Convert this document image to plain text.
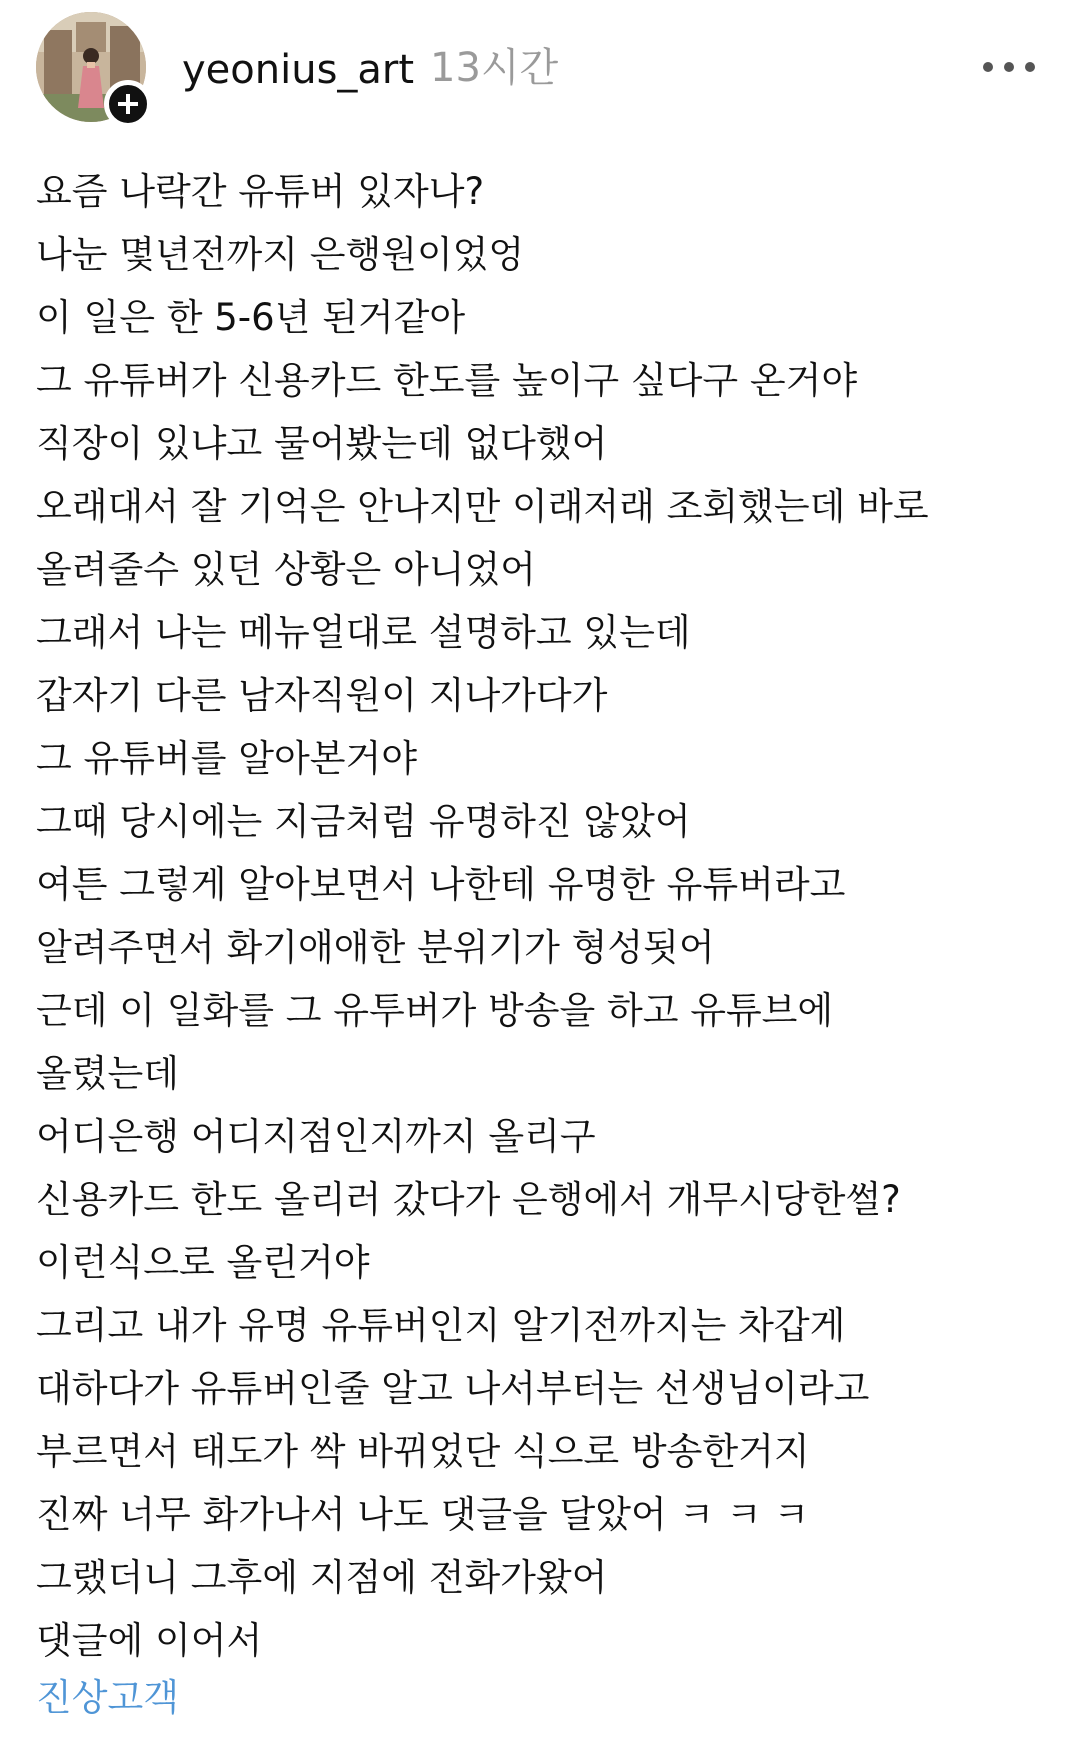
yeonius_art 13시간
요즘 나락간 유튜버 있자나?
나눈 몇년전까지 은행원이었엉
이 일은 한 5-6년 된거같아
그 유튜버가 신용카드 한도를 높이구 싶다구 온거야
직장이 있냐고 물어봤는데 없다했어
오래대서 잘 기억은 안나지만 이래저래 조회했는데 바로
올려줄수 있던 상황은 아니었어
그래서 나는 메뉴얼대로 설명하고 있는데
갑자기 다른 남자직원이 지나가다가
그 유튜버를 알아본거야
그때 당시에는 지금처럼 유명하진 않았어
여튼 그렇게 알아보면서 나한테 유명한 유튜버라고
알려주면서 화기애애한 분위기가 형성됫어
근데 이 일화를 그 유투버가 방송을 하고 유튜브에
올렸는데
어디은행 어디지점인지까지 올리구
신용카드 한도 올리러 갔다가 은행에서 개무시당한썰?
이런식으로 올린거야
그리고 내가 유명 유튜버인지 알기전까지는 차갑게
대하다가 유튜버인줄 알고 나서부터는 선생님이라고
부르면서 태도가 싹 바뀌었단 식으로 방송한거지
진짜 너무 화가나서 나도 댓글을 달았어 ㅋ ㅋ ㅋ
그랬더니 그후에 지점에 전화가왔어
댓글에 이어서
진상고객
